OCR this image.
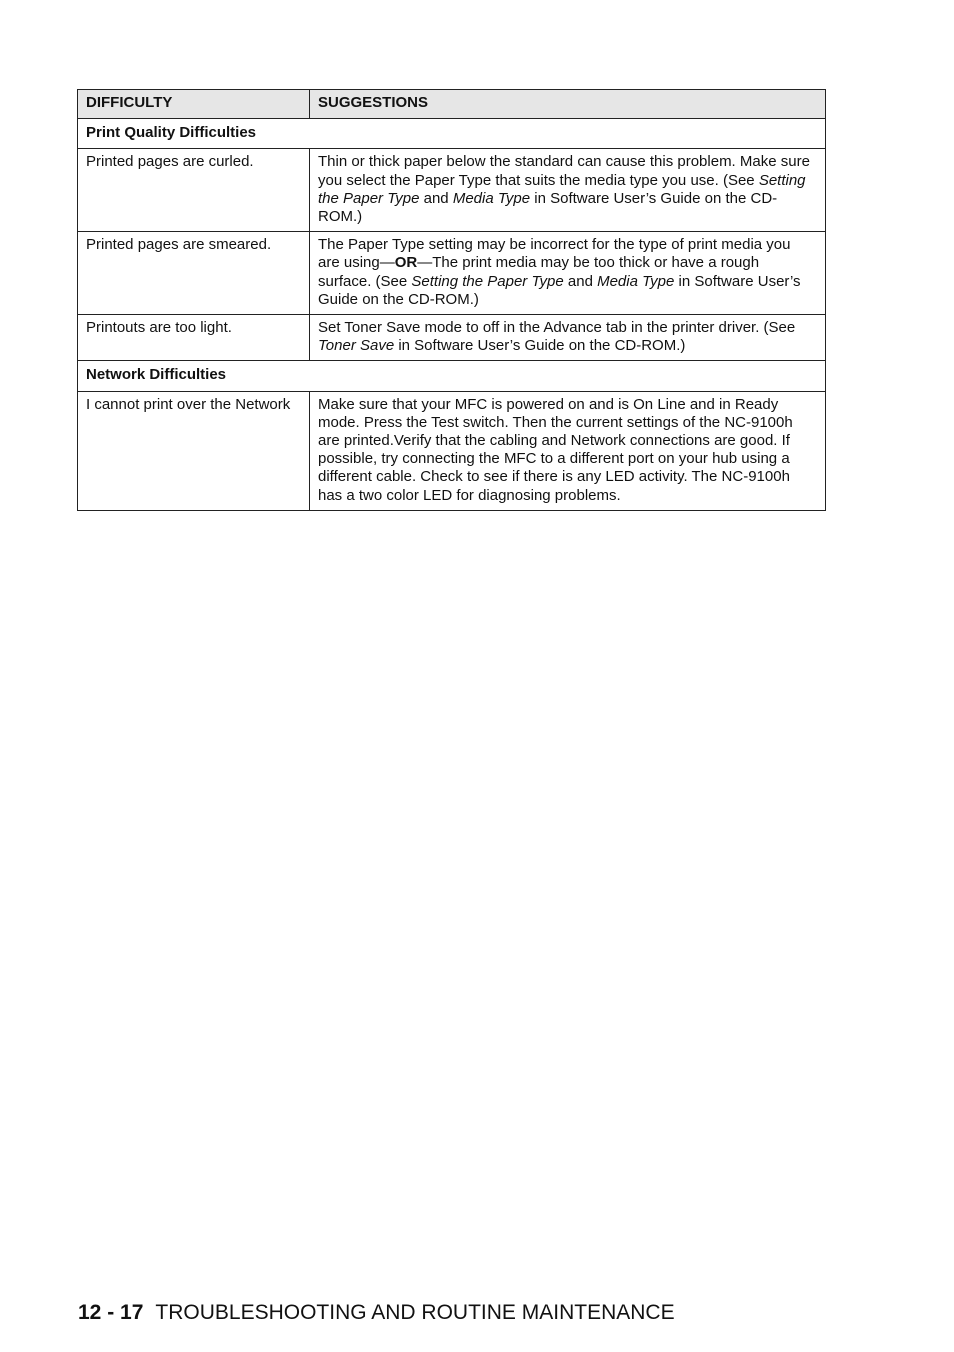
DIFFICULTY	SUGGESTIONS
Print Quality Difficulties	
Printed pages are curled.	Thin or thick paper below the standard can cause this problem. Make sure you select the Paper Type that suits the media type you use. (See Setting the Paper Type and Media Type in Software User’s Guide on the CD-ROM.)
Printed pages are smeared.	The Paper Type setting may be incorrect for the type of print media you are using—OR—The print media may be too thick or have a rough surface. (See Setting the Paper Type and Media Type in Software User’s Guide on the CD-ROM.)
Printouts are too light.	Set Toner Save mode to off in the Advance tab in the printer driver. (See Toner Save in Software User’s Guide on the CD-ROM.)
Network Difficulties	
I cannot print over the Network	Make sure that your MFC is powered on and is On Line and in Ready mode. Press the Test switch. Then the current settings of the NC-9100h are printed.Verify that the cabling and Network connections are good. If possible, try connecting the MFC to a different port on your hub using a different cable. Check to see if there is any LED activity. The NC-9100h has a two color LED for diagnosing problems.
12 - 17 TROUBLESHOOTING AND ROUTINE MAINTENANCE
